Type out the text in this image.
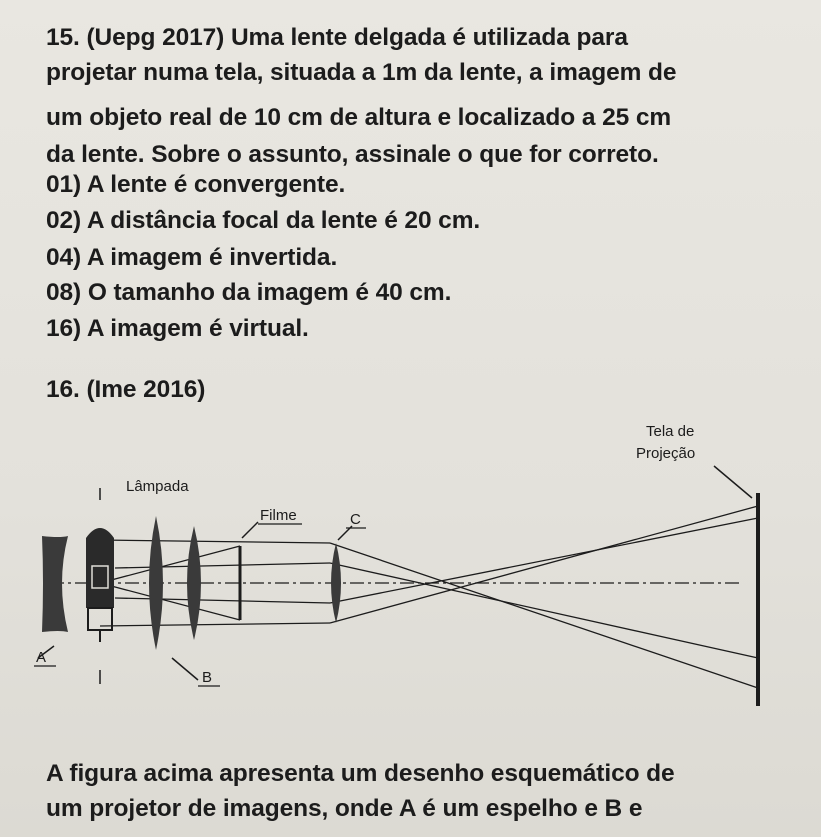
15. (Uepg 2017) Uma lente delgada é utilizada para
projetar numa tela, situada a 1m da lente, a imagem de
um objeto real de 10 cm de altura e localizado a 25 cm
da lente. Sobre o assunto, assinale o que for correto.
01) A lente é convergente.
02) A distância focal da lente é 20 cm.
04) A imagem é invertida.
08) O tamanho da imagem é 40 cm.
16) A imagem é virtual.
16. (Ime 2016)
Tela de
Projeção
A
Lâmpada
B
Filme	C
A figura acima apresenta um desenho esquemático de
um projetor de imagens, onde A é um espelho e B e
